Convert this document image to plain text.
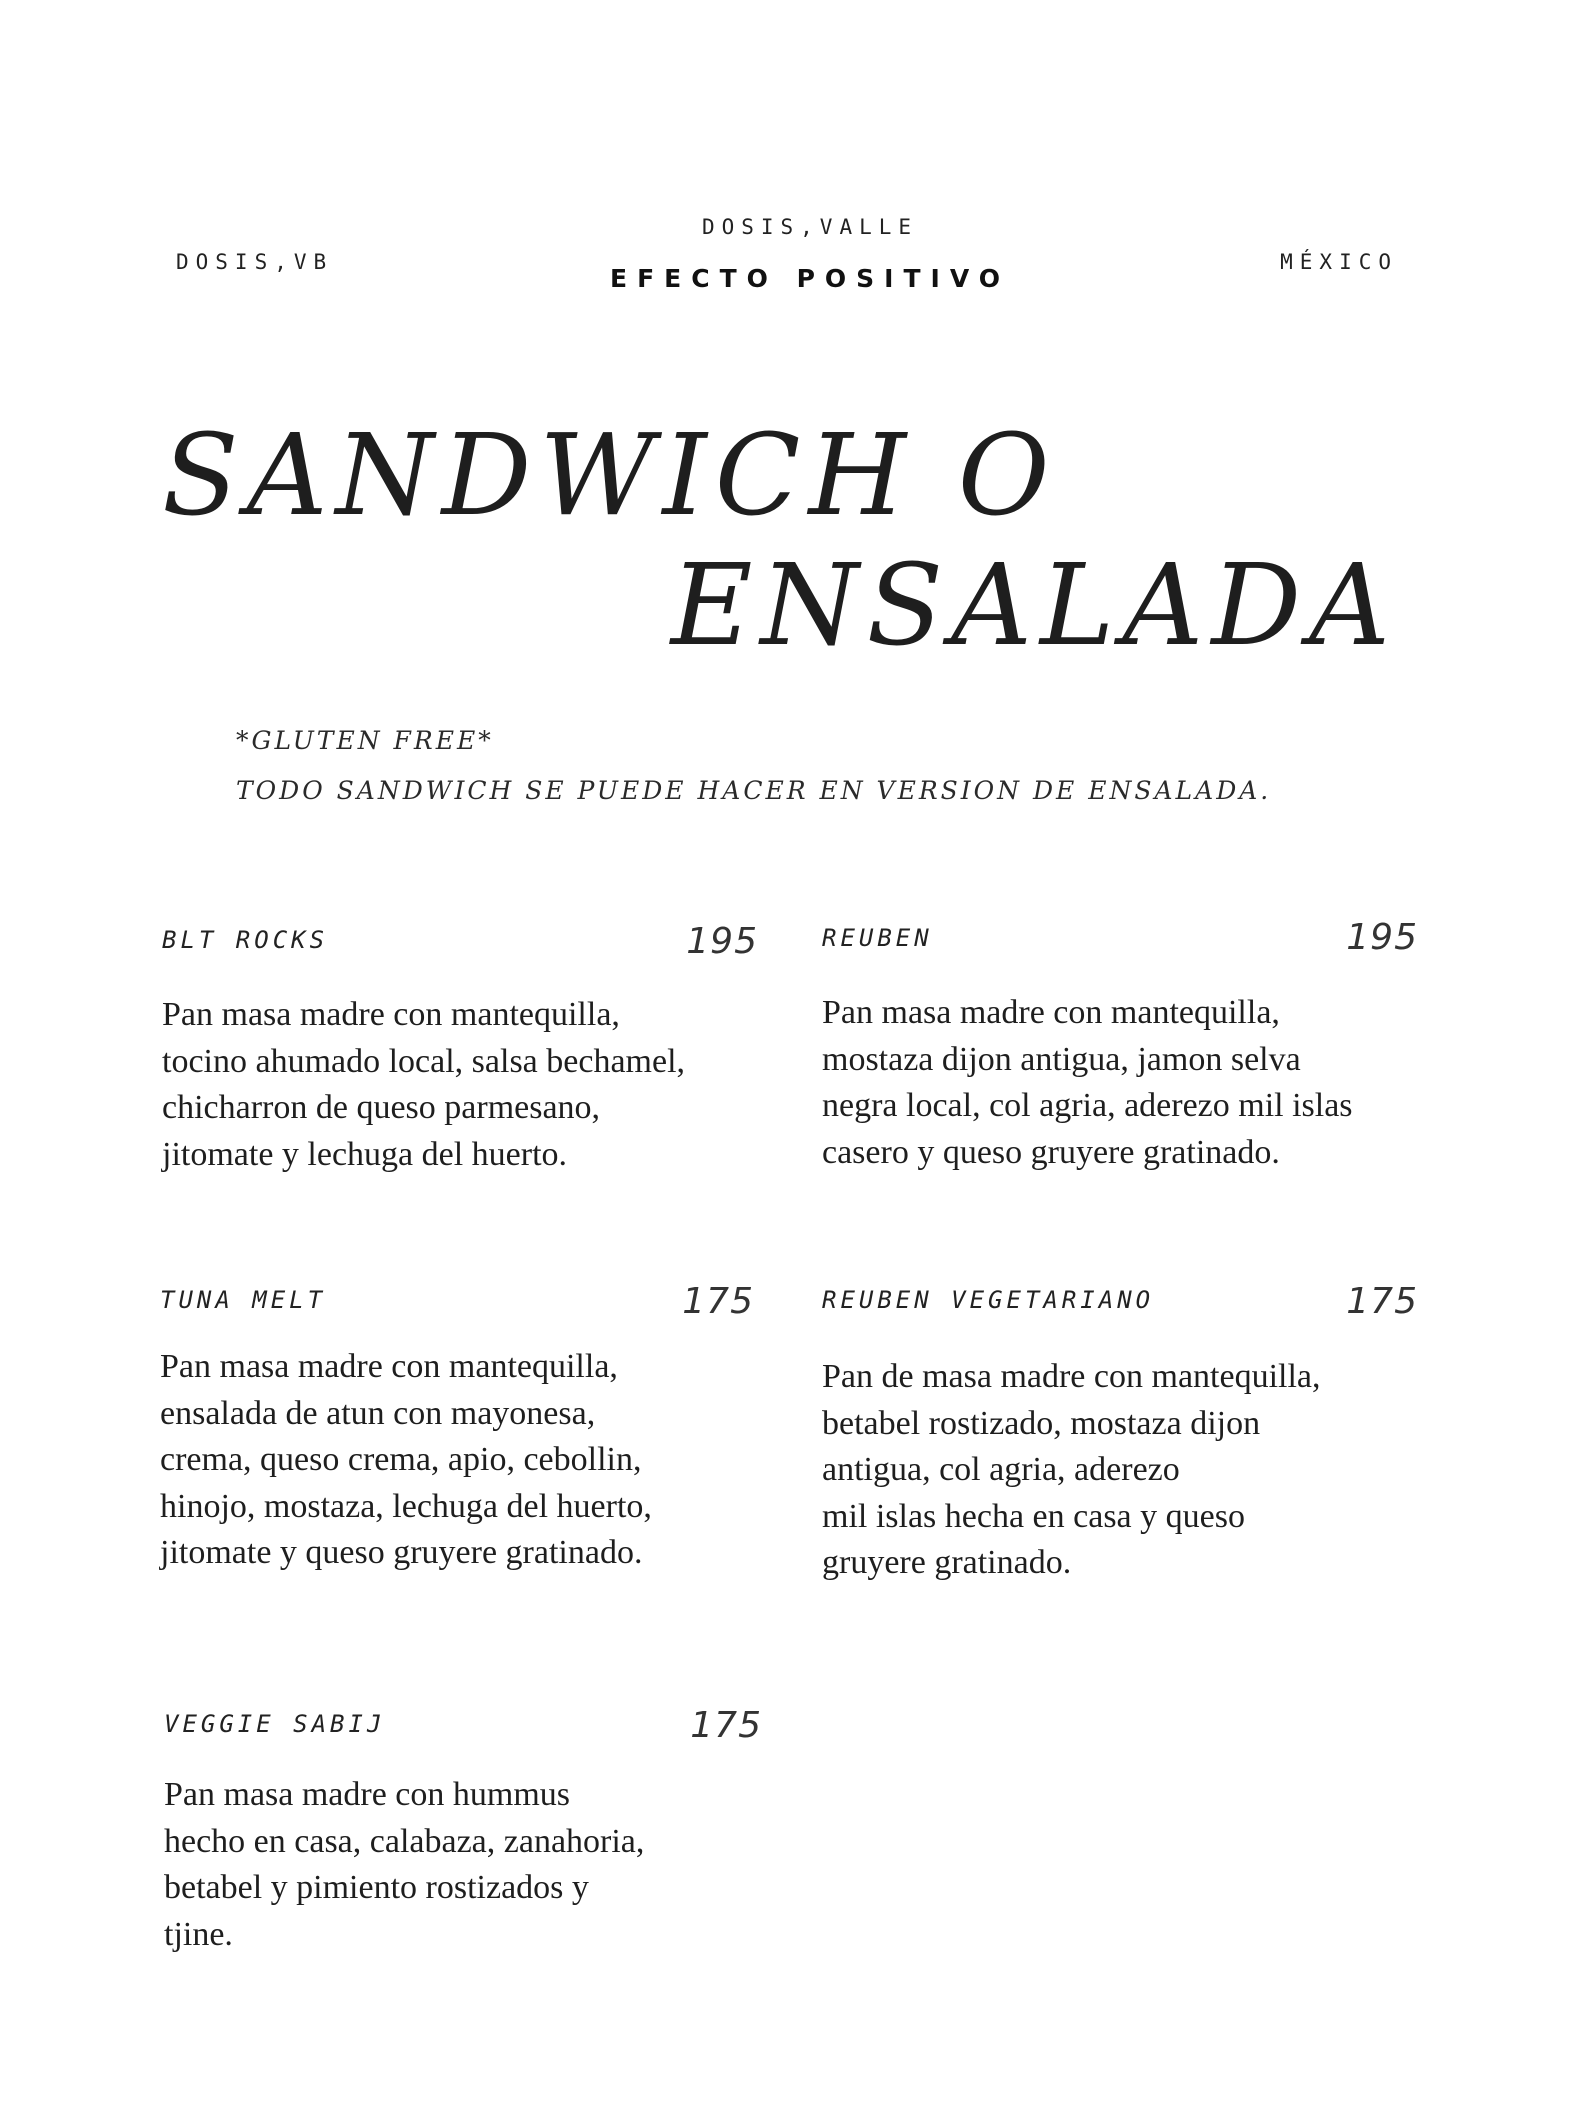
DOSIS,VB
DOSIS,VALLE
EFECTO POSITIVO
MÉXICO
SANDWICH O
ENSALADA
*GLUTEN FREE*
TODO SANDWICH SE PUEDE HACER EN VERSION DE ENSALADA.
BLT ROCKS	195
Pan masa madre con mantequilla,
tocino ahumado local, salsa bechamel,
chicharron de queso parmesano,
jitomate y lechuga del huerto.
REUBEN	195
Pan masa madre con mantequilla,
mostaza dijon antigua, jamon selva
negra local, col agria, aderezo mil islas
casero y queso gruyere gratinado.
TUNA MELT	175
Pan masa madre con mantequilla,
ensalada de atun con mayonesa,
crema, queso crema, apio, cebollin,
hinojo, mostaza, lechuga del huerto,
jitomate y queso gruyere gratinado.
REUBEN VEGETARIANO	175
Pan de masa madre con mantequilla,
betabel rostizado, mostaza dijon
antigua, col agria, aderezo
mil islas hecha en casa y queso
gruyere gratinado.
VEGGIE SABIJ	175
Pan masa madre con hummus
hecho en casa, calabaza, zanahoria,
betabel y pimiento rostizados y
tjine.
